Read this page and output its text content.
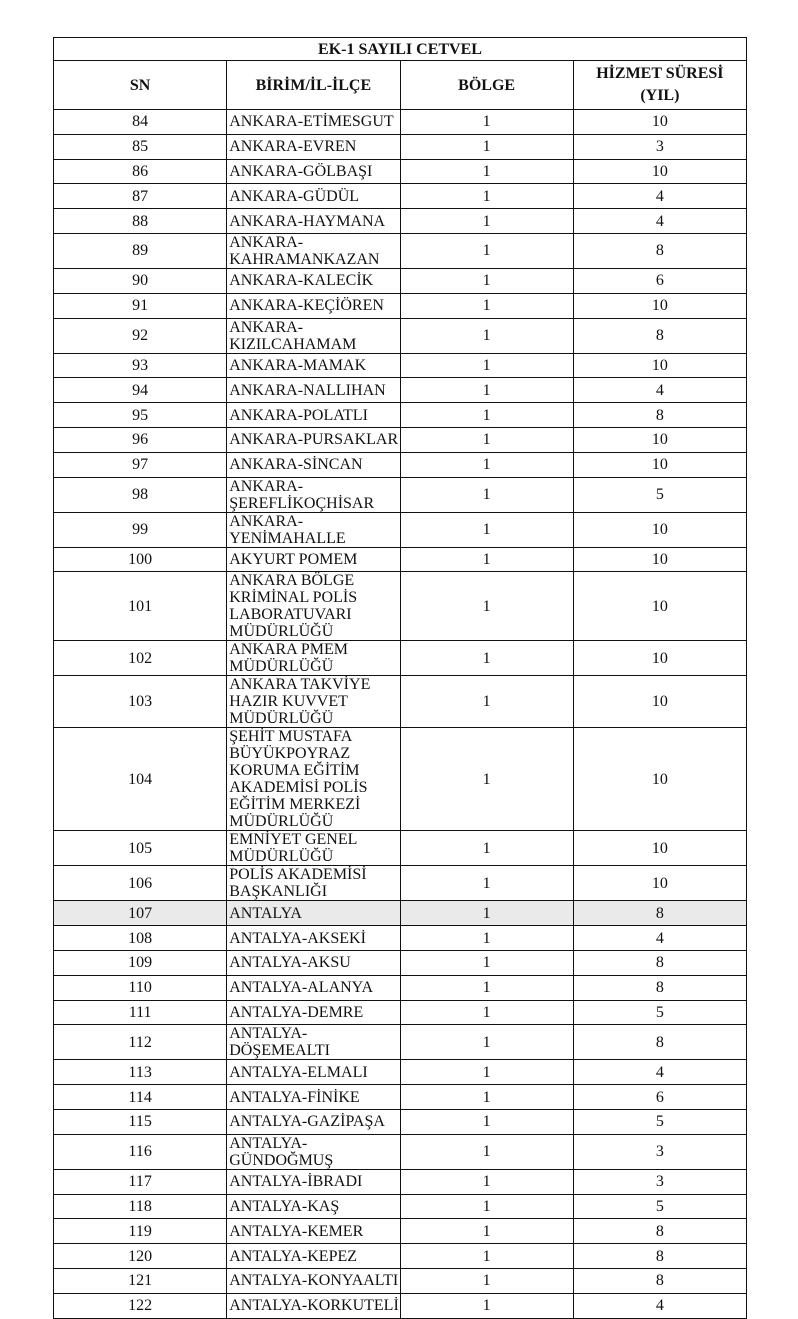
EK-1 SAYILI CETVEL			
SN	BİRİM/İL-İLÇE	BÖLGE	HİZMET SÜRESİ
(YIL)
84	ANKARA-ETİMESGUT	1	10
85	ANKARA-EVREN	1	3
86	ANKARA-GÖLBAŞI	1	10
87	ANKARA-GÜDÜL	1	4
88	ANKARA-HAYMANA	1	4
89	ANKARA-KAHRAMANKAZAN	1	8
90	ANKARA-KALECİK	1	6
91	ANKARA-KEÇİÖREN	1	10
92	ANKARA-KIZILCAHAMAM	1	8
93	ANKARA-MAMAK	1	10
94	ANKARA-NALLIHAN	1	4
95	ANKARA-POLATLI	1	8
96	ANKARA-PURSAKLAR	1	10
97	ANKARA-SİNCAN	1	10
98	ANKARA-ŞEREFLİKOÇHİSAR	1	5
99	ANKARA-YENİMAHALLE	1	10
100	AKYURT POMEM	1	10
101	ANKARA BÖLGE KRİMİNAL POLİS LABORATUVARI MÜDÜRLÜĞÜ	1	10
102	ANKARA PMEM MÜDÜRLÜĞÜ	1	10
103	ANKARA TAKVİYE HAZIR KUVVET MÜDÜRLÜĞÜ	1	10
104	ŞEHİT MUSTAFA BÜYÜKPOYRAZ KORUMA EĞİTİM AKADEMİSİ POLİS EĞİTİM MERKEZİ MÜDÜRLÜĞÜ	1	10
105	EMNİYET GENEL MÜDÜRLÜĞÜ	1	10
106	POLİS AKADEMİSİ BAŞKANLIĞI	1	10
107	ANTALYA	1	8
108	ANTALYA-AKSEKİ	1	4
109	ANTALYA-AKSU	1	8
110	ANTALYA-ALANYA	1	8
111	ANTALYA-DEMRE	1	5
112	ANTALYA-DÖŞEMEALTI	1	8
113	ANTALYA-ELMALI	1	4
114	ANTALYA-FİNİKE	1	6
115	ANTALYA-GAZİPAŞA	1	5
116	ANTALYA-GÜNDOĞMUŞ	1	3
117	ANTALYA-İBRADI	1	3
118	ANTALYA-KAŞ	1	5
119	ANTALYA-KEMER	1	8
120	ANTALYA-KEPEZ	1	8
121	ANTALYA-KONYAALTI	1	8
122	ANTALYA-KORKUTELİ	1	4
